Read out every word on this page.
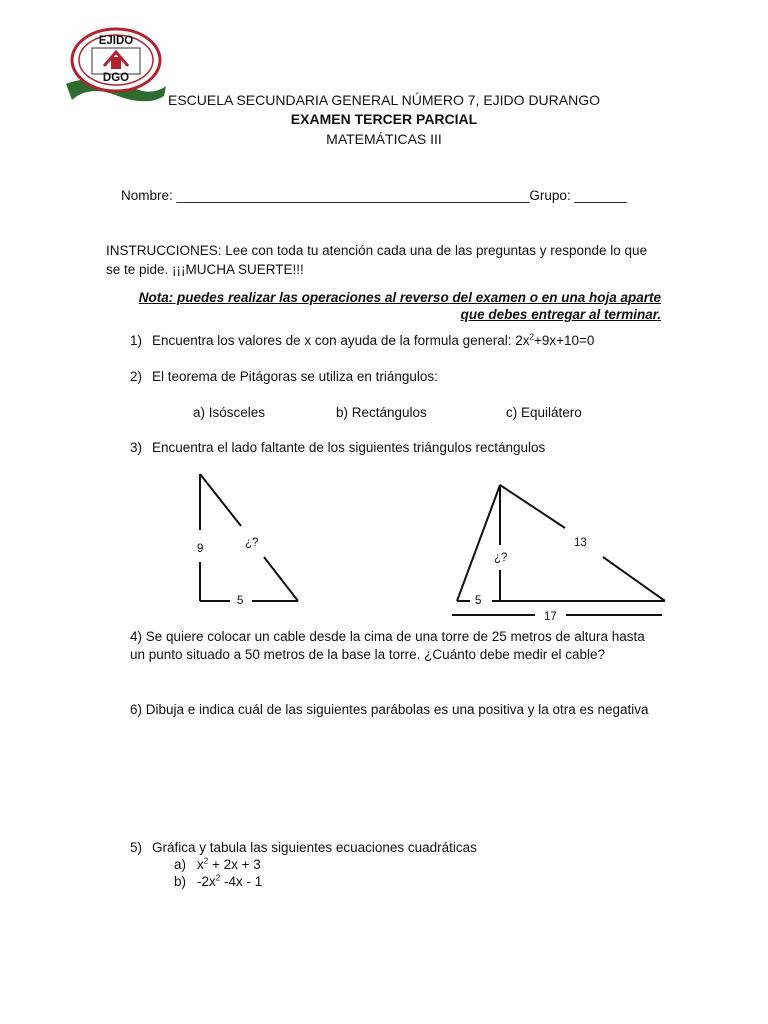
EJIDO
DGO
ESCUELA SECUNDARIA GENERAL NÚMERO 7, EJIDO DURANGO
EXAMEN TERCER PARCIAL
MATEMÁTICAS III
Nombre: _______________________________________________Grupo: _______
INSTRUCCIONES: Lee con toda tu atención cada una de las preguntas y responde lo que
se te pide. ¡¡¡MUCHA SUERTE!!!
Nota: puedes realizar las operaciones al reverso del examen o en una hoja aparte
que debes entregar al terminar.
1) Encuentra los valores de x con ayuda de la formula general: $2x^2+9x+10=0$
2) El teorema de Pitágoras se utiliza en triángulos:
a) Isósceles	b) Rectángulos	c) Equilátero
3) Encuentra el lado faltante de los siguientes triángulos rectángulos
9	¿?
5
¿?
13
5
17
4) Se quiere colocar un cable desde la cima de una torre de 25 metros de altura hasta
un punto situado a 50 metros de la base la torre. ¿Cuánto debe medir el cable?
6) Dibuja e indica cuál de las siguientes parábolas es una positiva y la otra es negativa
5) Gráfica y tabula las siguientes ecuaciones cuadráticas
a) $x^2 + 2x + 3$
b) $-2x^2$ -4x - 1
